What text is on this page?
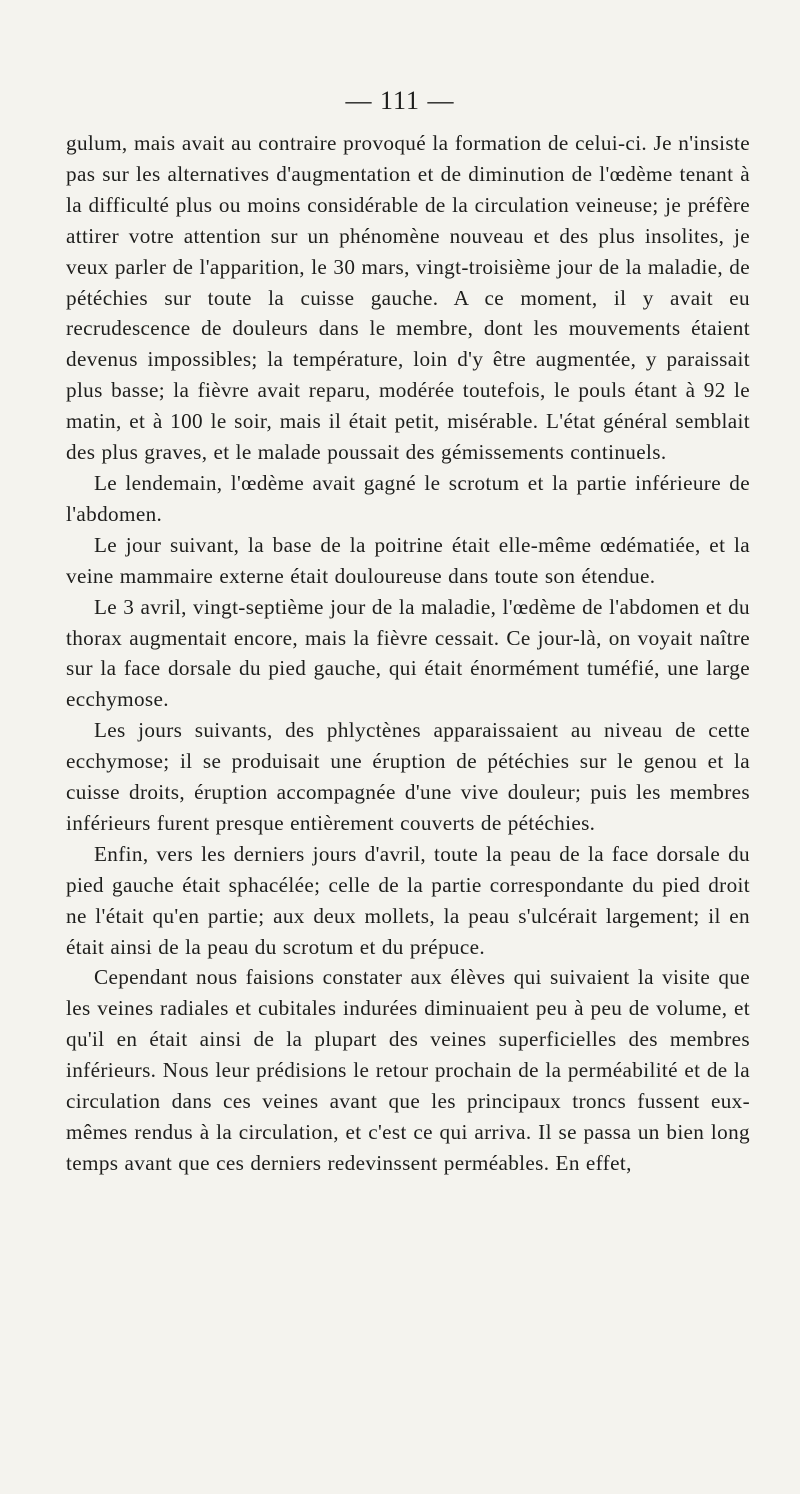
— 111 —

gulum, mais avait au contraire provoqué la formation de celui-ci. Je n'insiste pas sur les alternatives d'augmentation et de diminution de l'œdème tenant à la difficulté plus ou moins considérable de la circulation veineuse; je préfère attirer votre attention sur un phénomène nouveau et des plus insolites, je veux parler de l'apparition, le 30 mars, vingt-troisième jour de la maladie, de pétéchies sur toute la cuisse gauche. A ce moment, il y avait eu recrudescence de douleurs dans le membre, dont les mouvements étaient devenus impossibles; la température, loin d'y être augmentée, y paraissait plus basse; la fièvre avait reparu, modérée toutefois, le pouls étant à 92 le matin, et à 100 le soir, mais il était petit, misérable. L'état général semblait des plus graves, et le malade poussait des gémissements continuels.

Le lendemain, l'œdème avait gagné le scrotum et la partie inférieure de l'abdomen.

Le jour suivant, la base de la poitrine était elle-même œdématiée, et la veine mammaire externe était douloureuse dans toute son étendue.

Le 3 avril, vingt-septième jour de la maladie, l'œdème de l'abdomen et du thorax augmentait encore, mais la fièvre cessait. Ce jour-là, on voyait naître sur la face dorsale du pied gauche, qui était énormément tuméfié, une large ecchymose.

Les jours suivants, des phlyctènes apparaissaient au niveau de cette ecchymose; il se produisait une éruption de pétéchies sur le genou et la cuisse droits, éruption accompagnée d'une vive douleur; puis les membres inférieurs furent presque entièrement couverts de pétéchies.

Enfin, vers les derniers jours d'avril, toute la peau de la face dorsale du pied gauche était sphacélée; celle de la partie correspondante du pied droit ne l'était qu'en partie; aux deux mollets, la peau s'ulcérait largement; il en était ainsi de la peau du scrotum et du prépuce.

Cependant nous faisions constater aux élèves qui suivaient la visite que les veines radiales et cubitales indurées diminuaient peu à peu de volume, et qu'il en était ainsi de la plupart des veines superficielles des membres inférieurs. Nous leur prédisions le retour prochain de la perméabilité et de la circulation dans ces veines avant que les principaux troncs fussent eux-mêmes rendus à la circulation, et c'est ce qui arriva. Il se passa un bien long temps avant que ces derniers redevinssent perméables. En effet,
